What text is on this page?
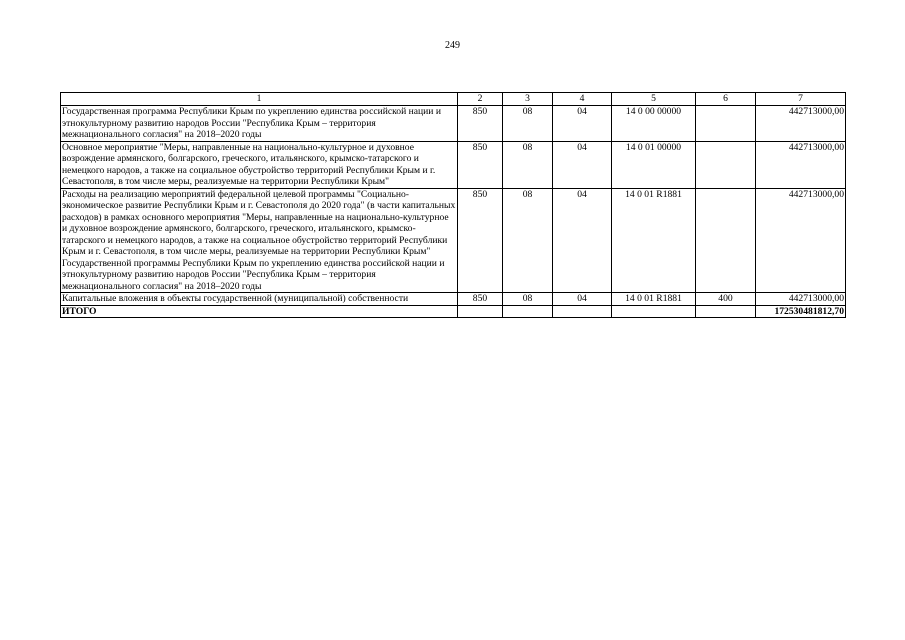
249
1	2	3	4	5	6	7
Государственная программа Республики Крым по укреплению единства российской нации и этнокультурному развитию народов России "Республика Крым – территория межнационального согласия" на 2018–2020 годы	850	08	04	14 0 00 00000		442713000,00
Основное мероприятие "Меры, направленные на национально-культурное и духовное возрождение армянского, болгарского, греческого, итальянского, крымско-татарского и немецкого народов, а также на социальное обустройство территорий Республики Крым и г. Севастополя, в том числе меры, реализуемые на территории Республики Крым"	850	08	04	14 0 01 00000		442713000,00
Расходы на реализацию мероприятий федеральной целевой программы "Социально-экономическое развитие Республики Крым и г. Севастополя до 2020 года" (в части капитальных расходов) в рамках основного мероприятия "Меры, направленные на национально-культурное и духовное возрождение армянского, болгарского, греческого, итальянского, крымско-татарского и немецкого народов, а также на социальное обустройство территорий Республики Крым и г. Севастополя, в том числе меры, реализуемые на территории Республики Крым" Государственной программы Республики Крым по укреплению единства российской нации и этнокультурному развитию народов России "Республика Крым – территория межнационального согласия" на 2018–2020 годы	850	08	04	14 0 01 R1881		442713000,00
Капитальные вложения в объекты государственной (муниципальной) собственности	850	08	04	14 0 01 R1881	400	442713000,00
ИТОГО						172530481812,70
